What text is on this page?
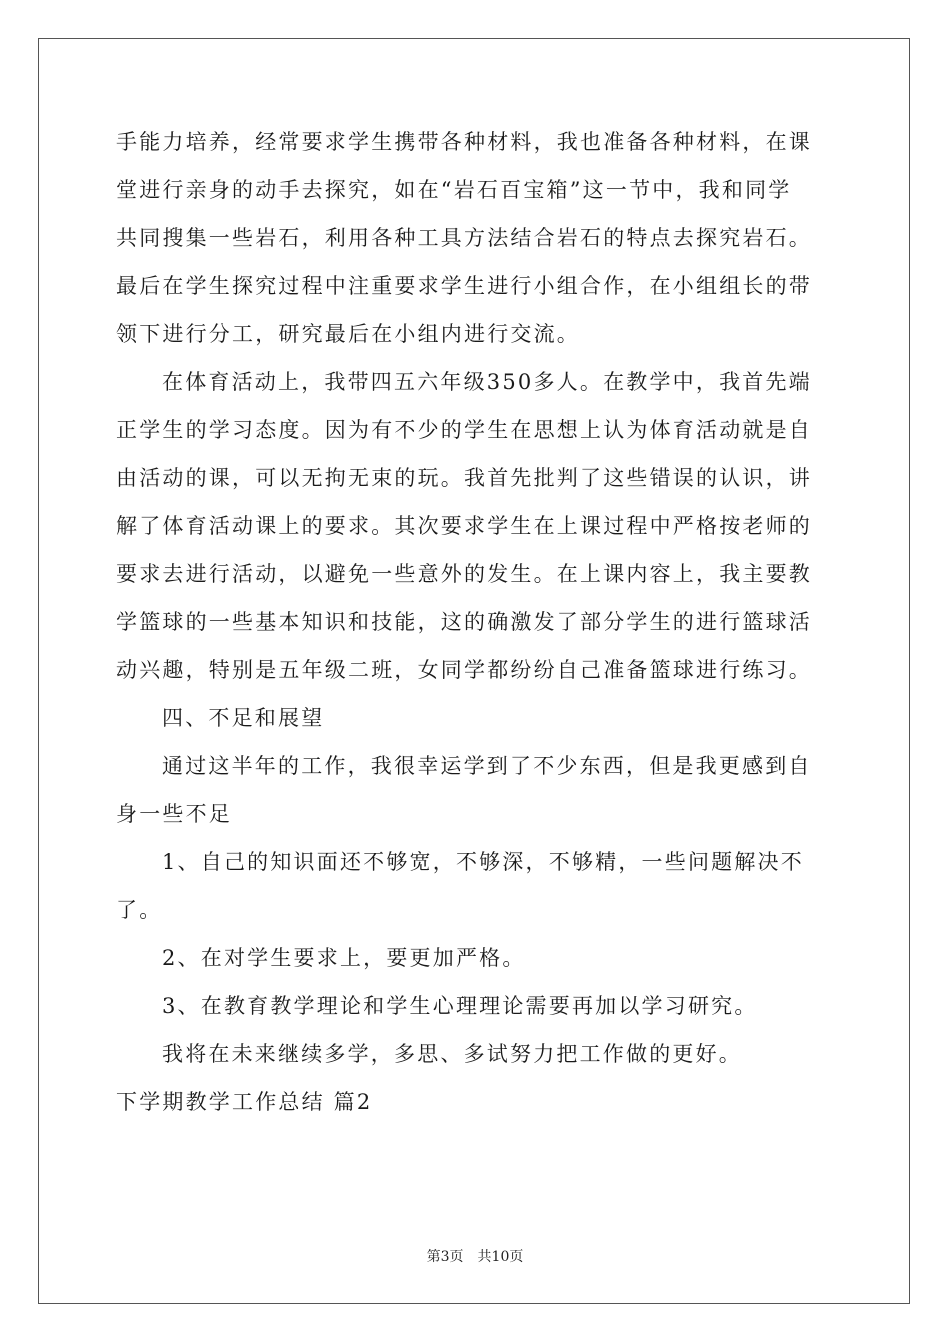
手能力培养，经常要求学生携带各种材料，我也准备各种材料，在课
堂进行亲身的动手去探究，如在“岩石百宝箱”这一节中，我和同学
共同搜集一些岩石，利用各种工具方法结合岩石的特点去探究岩石。
最后在学生探究过程中注重要求学生进行小组合作，在小组组长的带
领下进行分工，研究最后在小组内进行交流。
在体育活动上，我带四五六年级350多人。在教学中，我首先端
正学生的学习态度。因为有不少的学生在思想上认为体育活动就是自
由活动的课，可以无拘无束的玩。我首先批判了这些错误的认识，讲
解了体育活动课上的要求。其次要求学生在上课过程中严格按老师的
要求去进行活动，以避免一些意外的发生。在上课内容上，我主要教
学篮球的一些基本知识和技能，这的确激发了部分学生的进行篮球活
动兴趣，特别是五年级二班，女同学都纷纷自己准备篮球进行练习。
四、不足和展望
通过这半年的工作，我很幸运学到了不少东西，但是我更感到自
身一些不足
1、自己的知识面还不够宽，不够深，不够精，一些问题解决不
了。
2、在对学生要求上，要更加严格。
3、在教育教学理论和学生心理理论需要再加以学习研究。
我将在未来继续多学，多思、多试努力把工作做的更好。
下学期教学工作总结 篇2
第3页 共10页
